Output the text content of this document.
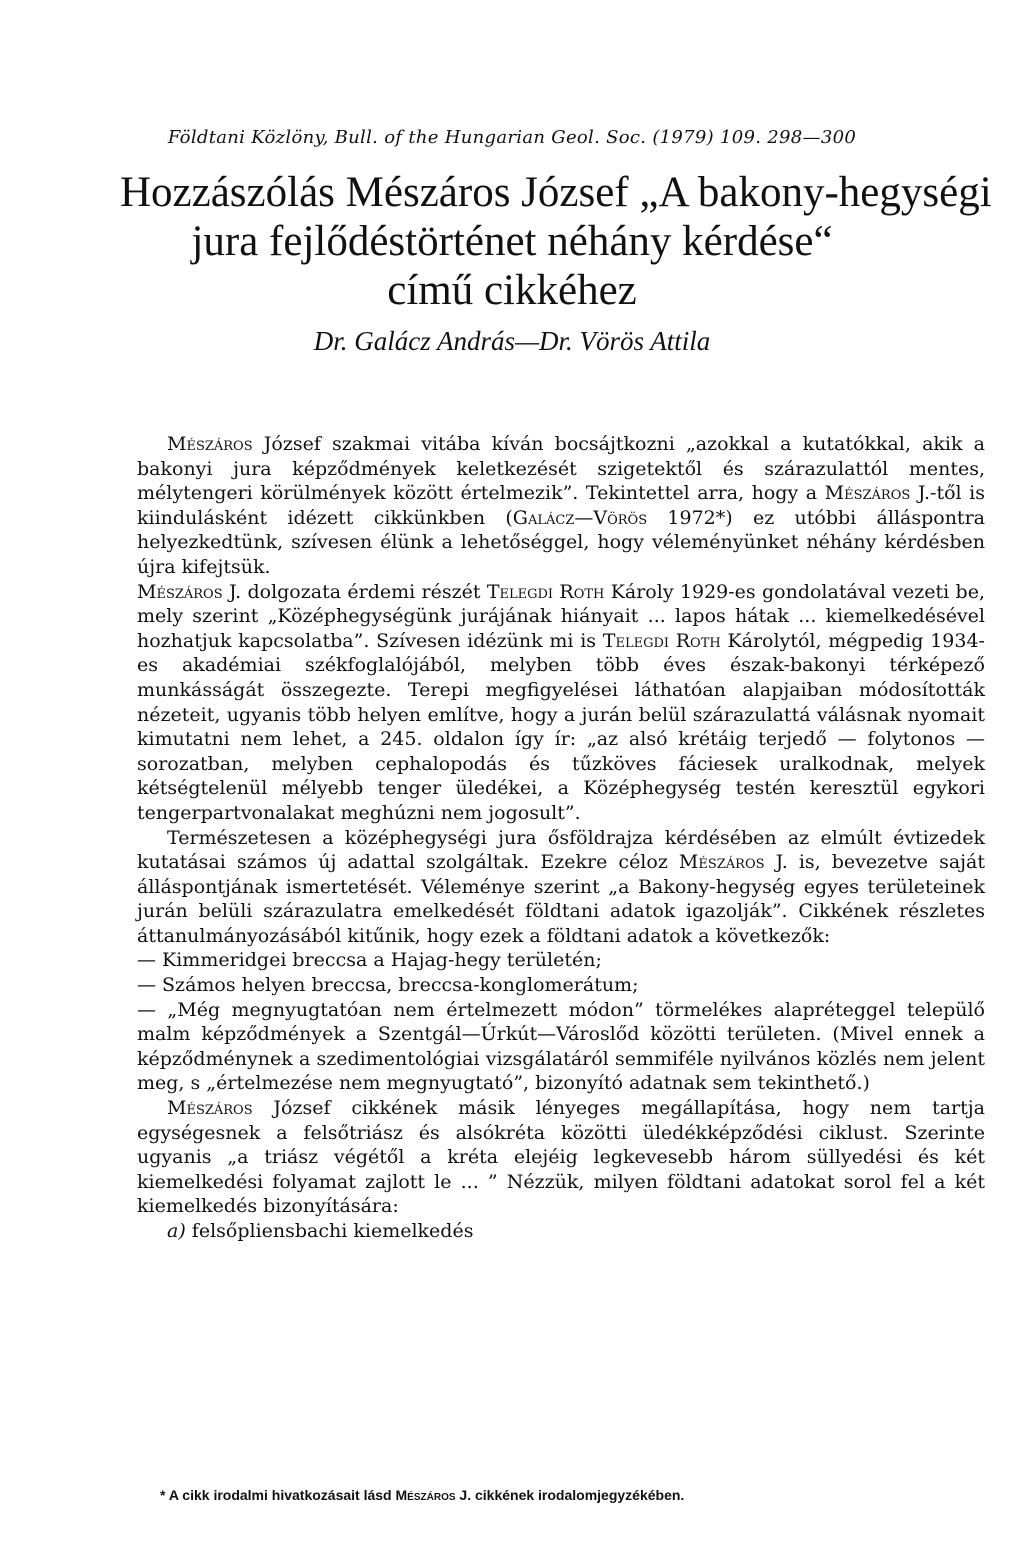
Földtani Közlöny, Bull. of the Hungarian Geol. Soc. (1979) 109. 298—300
Hozzászólás Mészáros József „A bakony-hegységi
jura fejlődéstörténet néhány kérdése“
című cikkéhez
Dr. Galácz András—Dr. Vörös Attila

Mészáros József szakmai vitába kíván bocsájtkozni „azokkal a kutatókkal, akik a bakonyi jura képződmények keletkezését szigetektől és szárazulattól mentes, mélytengeri körülmények között értelmezik”. Tekintettel arra, hogy a Mészáros J.-től is kiindulásként idézett cikkünkben (Galácz—Vörös 1972*) ez utóbbi álláspontra helyezkedtünk, szívesen élünk a lehetőséggel, hogy véleményünket néhány kérdésben újra kifejtsük.

Mészáros J. dolgozata érdemi részét Telegdi Roth Károly 1929-es gondolatával vezeti be, mely szerint „Középhegységünk jurájának hiányait ... lapos hátak ... kiemelkedésével hozhatjuk kapcsolatba”. Szívesen idézünk mi is Telegdi Roth Károlytól, mégpedig 1934-es akadémiai székfoglalójából, melyben több éves észak-bakonyi térképező munkásságát összegezte. Terepi megfigyelései láthatóan alapjaiban módosították nézeteit, ugyanis több helyen említve, hogy a jurán belül szárazulattá válásnak nyomait kimutatni nem lehet, a 245. oldalon így ír: „az alsó krétáig terjedő — folytonos — sorozatban, melyben cephalopodás és tűzköves fáciesek uralkodnak, melyek kétségtelenül mélyebb tenger üledékei, a Középhegység testén keresztül egykori tengerpartvonalakat meghúzni nem jogosult”.

Természetesen a középhegységi jura ősföldrajza kérdésében az elmúlt évtizedek kutatásai számos új adattal szolgáltak. Ezekre céloz Mészáros J. is, bevezetve saját álláspontjának ismertetését. Véleménye szerint „a Bakony-hegység egyes területeinek jurán belüli szárazulatra emelkedését földtani adatok igazolják”. Cikkének részletes áttanulmányozásából kitűnik, hogy ezek a földtani adatok a következők:

— Kimmeridgei breccsa a Hajag-hegy területén;

— Számos helyen breccsa, breccsa-konglomerátum;

— „Még megnyugtatóan nem értelmezett módon” törmelékes alapréteggel települő malm képződmények a Szentgál—Úrkút—Városlőd közötti területen. (Mivel ennek a képződménynek a szedimentológiai vizsgálatáról semmiféle nyilvános közlés nem jelent meg, s „értelmezése nem megnyugtató”, bizonyító adatnak sem tekinthető.)

Mészáros József cikkének másik lényeges megállapítása, hogy nem tartja egységesnek a felsőtriász és alsókréta közötti üledékképződési ciklust. Szerinte ugyanis „a triász végétől a kréta elejéig legkevesebb három süllyedési és két kiemelkedési folyamat zajlott le ... ” Nézzük, milyen földtani adatokat sorol fel a két kiemelkedés bizonyítására:

a) felsőpliensbachi kiemelkedés

* A cikk irodalmi hivatkozásait lásd Mészáros J. cikkének irodalomjegyzékében.
